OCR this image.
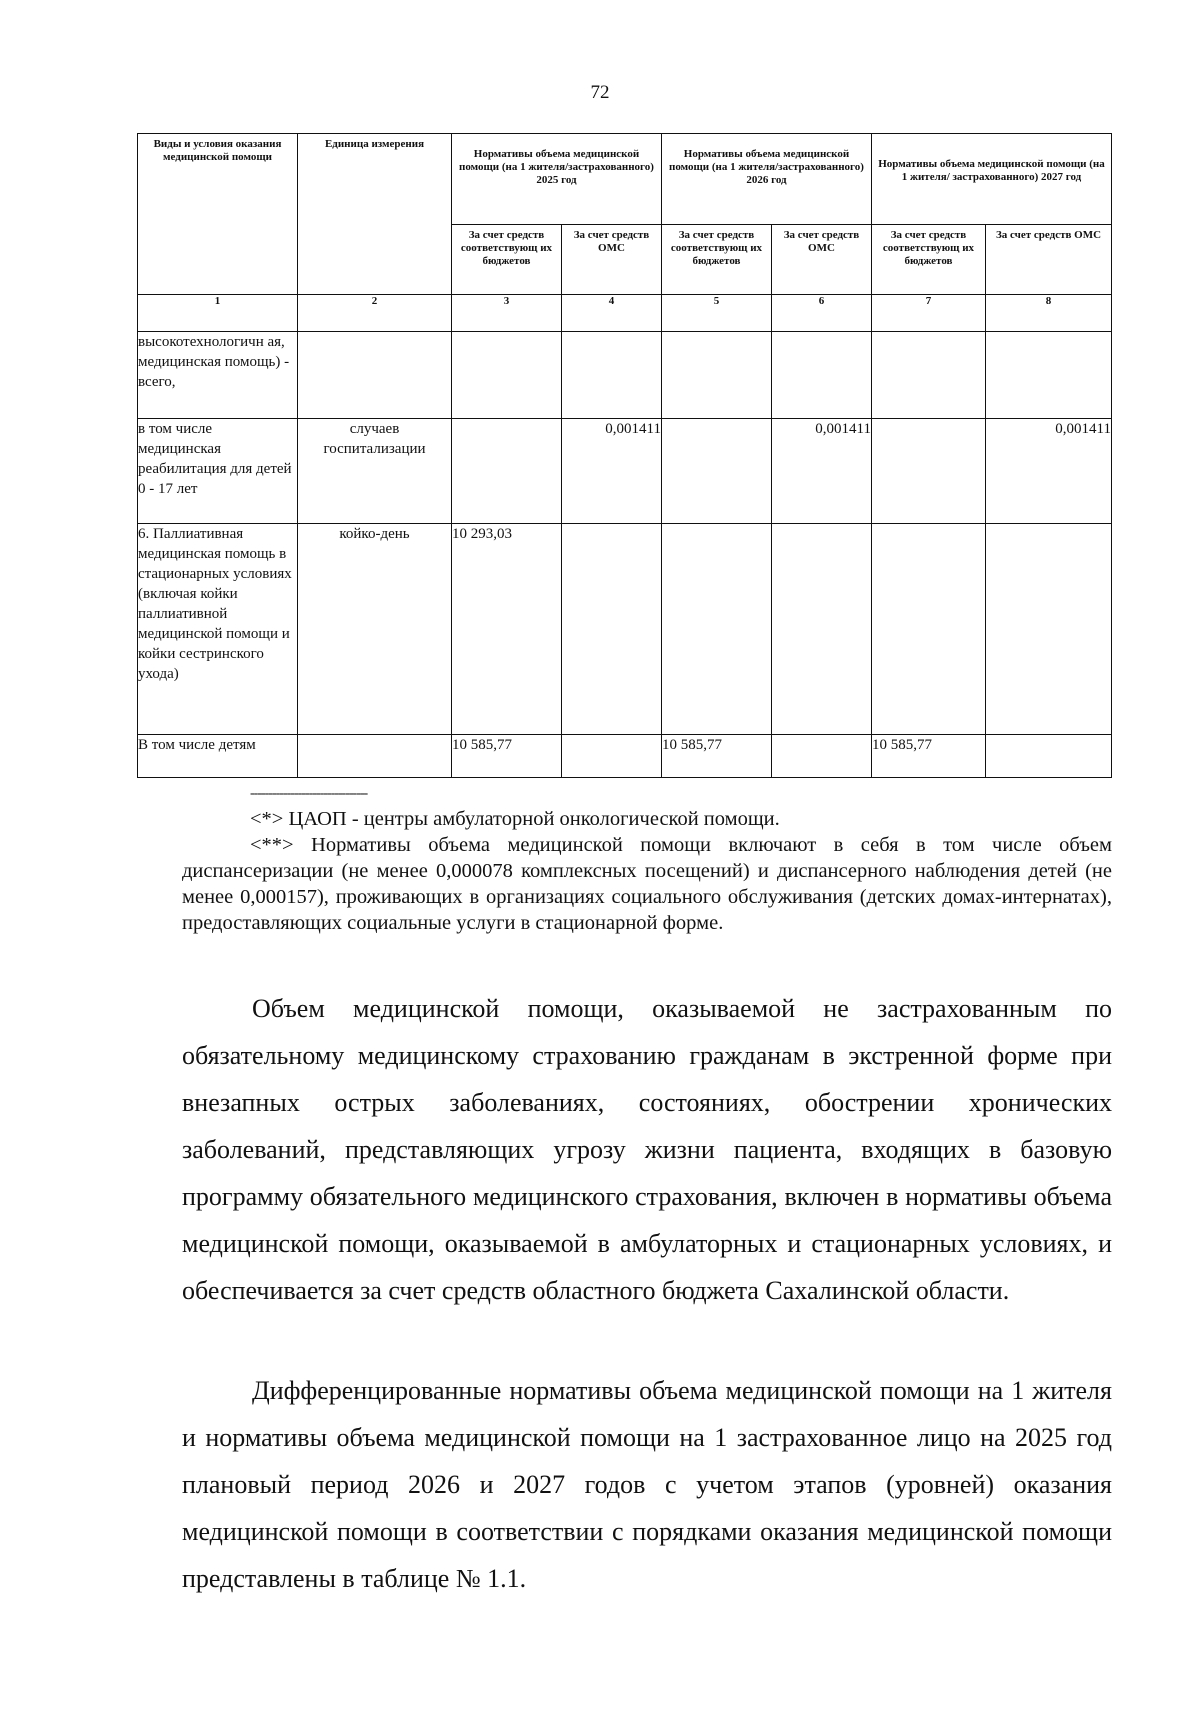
72
Виды и условия оказания медицинской помощи	Единица измерения	Нормативы объема медицинской помощи (на 1 жителя/застрахованного) 2025 год		Нормативы объема медицинской помощи (на 1 жителя/застрахованного) 2026 год		Нормативы объема медицинской помощи (на 1 жителя/ застрахованного) 2027 год	

		За счет средств соответствующ их бюджетов	За счет средств ОМС	За счет средств соответствующ их бюджетов	За счет средств ОМС	За счет средств соответствующ их бюджетов	За счет средств ОМС

1	2	3	4	5	6	7	8
высокотехнологичн ая, медицинская помощь) - всего,							
в том числе медицинская реабилитация для детей 0 - 17 лет	случаев госпитализации		0,001411		0,001411		0,001411
6. Паллиативная медицинская помощь в стационарных условиях (включая койки паллиативной медицинской помощи и койки сестринского ухода)	койко-день	10 293,03					
В том числе детям		10 585,77		10 585,77		10 585,77	
--------------------------------
<*> ЦАОП - центры амбулаторной онкологической помощи.
<**> Нормативы объема медицинской помощи включают в себя в том числе объем диспансеризации (не менее 0,000078 комплексных посещений) и диспансерного наблюдения детей (не менее 0,000157), проживающих в организациях социального обслуживания (детских домах-интернатах), предоставляющих социальные услуги в стационарной форме.
Объем медицинской помощи, оказываемой не застрахованным по обязательному медицинскому страхованию гражданам в экстренной форме при внезапных острых заболеваниях, состояниях, обострении хронических заболеваний, представляющих угрозу жизни пациента, входящих в базовую программу обязательного медицинского страхования, включен в нормативы объема медицинской помощи, оказываемой в амбулаторных и стационарных условиях, и обеспечивается за счет средств областного бюджета Сахалинской области.
Дифференцированные нормативы объема медицинской помощи на 1 жителя и нормативы объема медицинской помощи на 1 застрахованное лицо на 2025 год плановый период 2026 и 2027 годов с учетом этапов (уровней) оказания медицинской помощи в соответствии с порядками оказания медицинской помощи представлены в таблице № 1.1.
